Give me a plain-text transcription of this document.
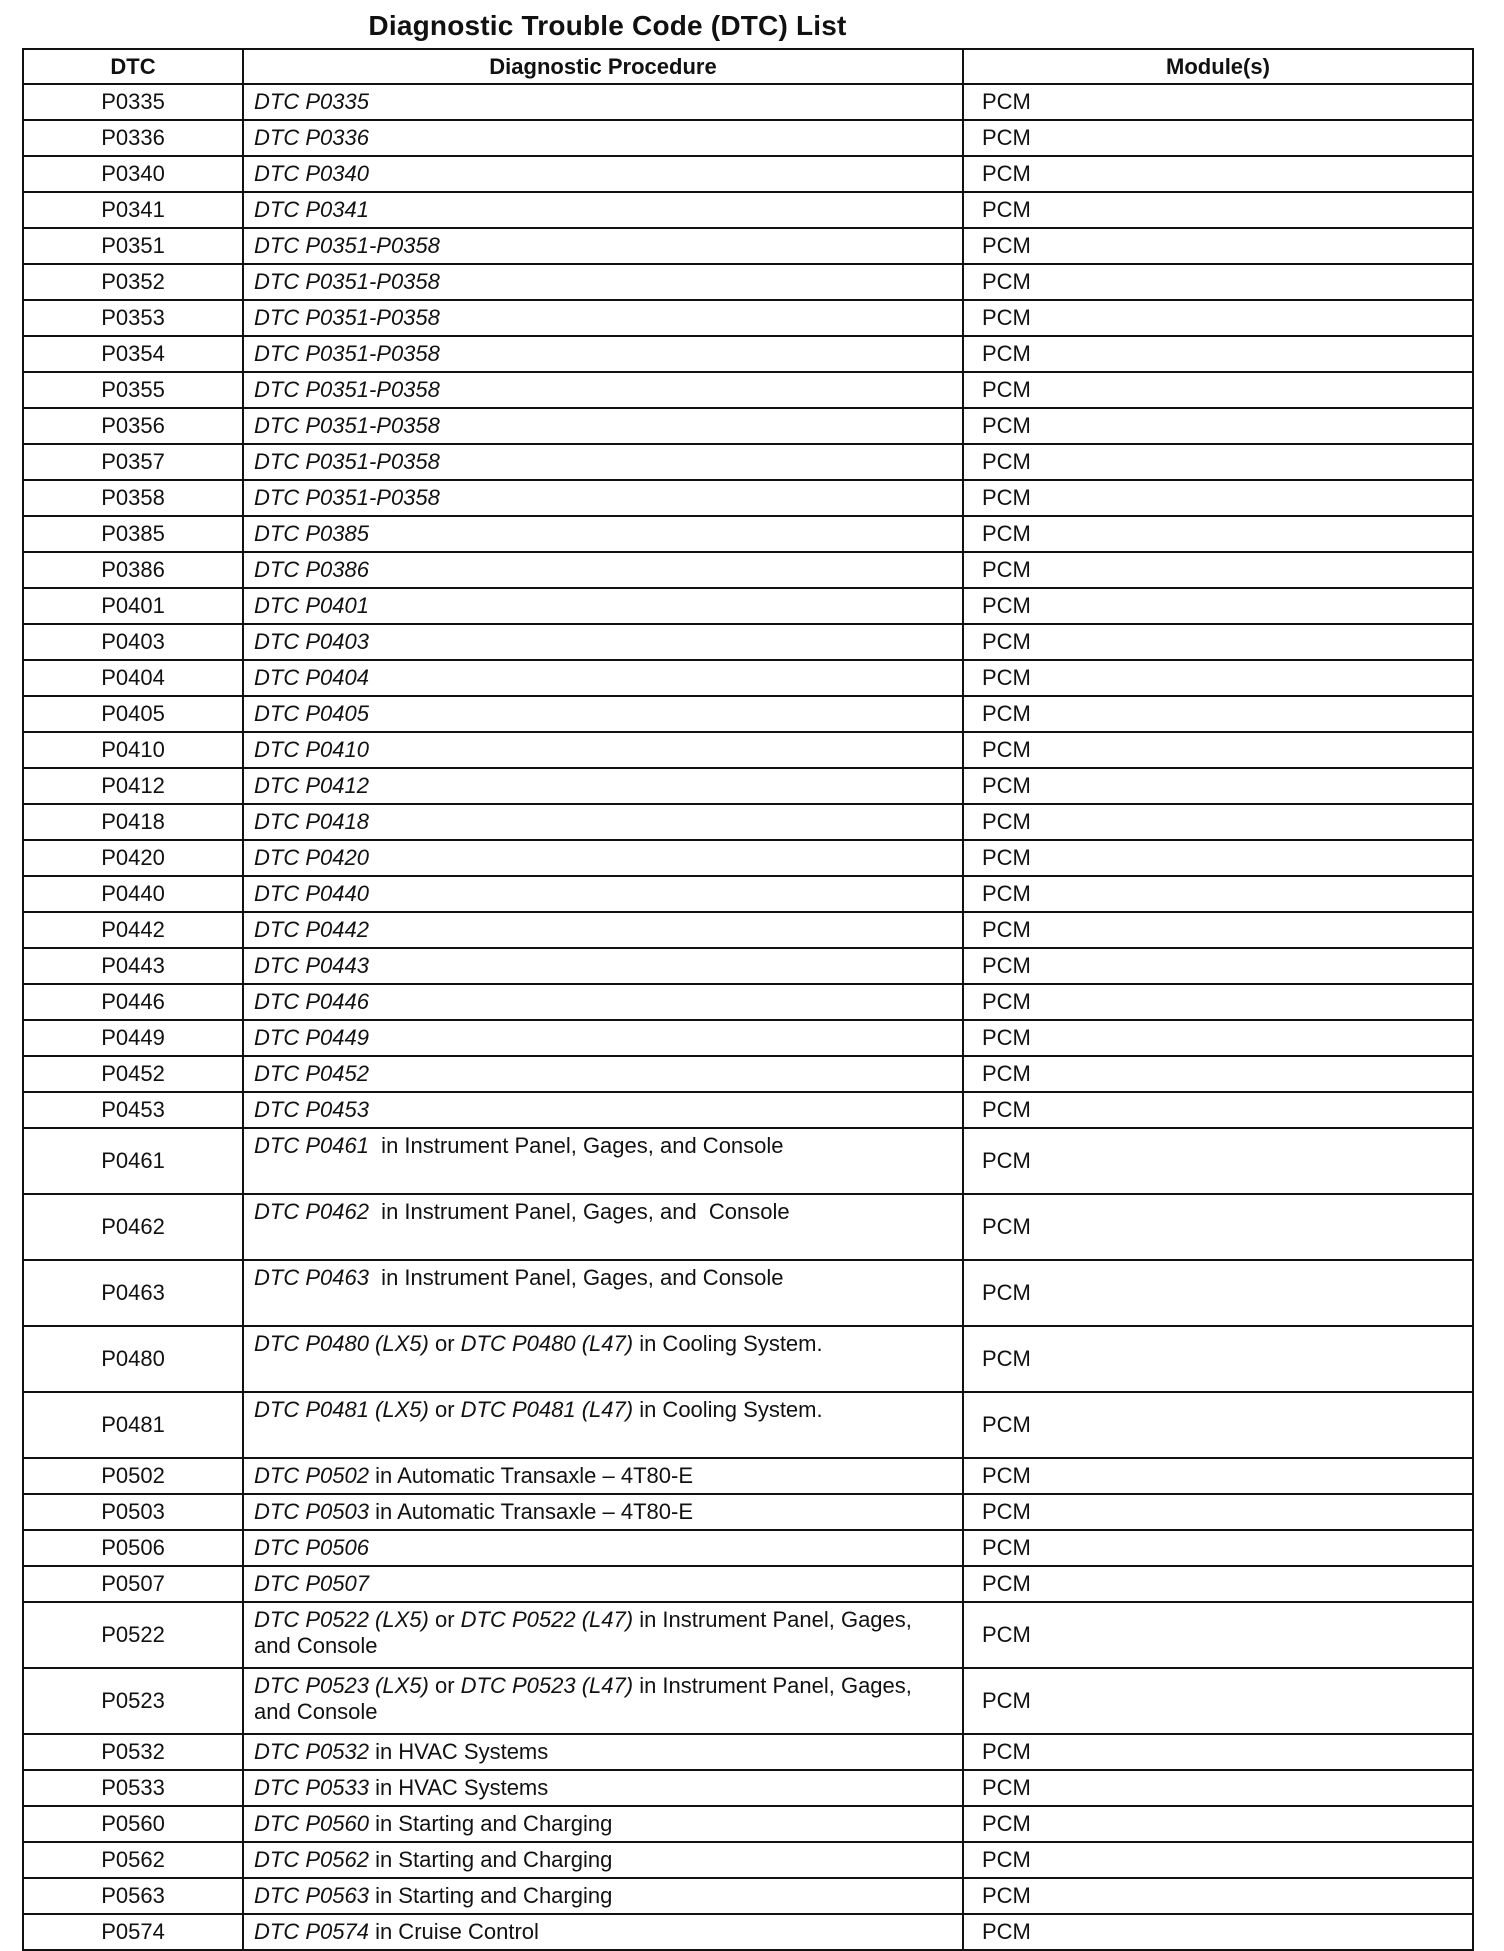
Diagnostic Trouble Code (DTC) List
DTC	Diagnostic Procedure	Module(s)
P0335	DTC P0335	PCM
P0336	DTC P0336	PCM
P0340	DTC P0340	PCM
P0341	DTC P0341	PCM
P0351	DTC P0351-P0358	PCM
P0352	DTC P0351-P0358	PCM
P0353	DTC P0351-P0358	PCM
P0354	DTC P0351-P0358	PCM
P0355	DTC P0351-P0358	PCM
P0356	DTC P0351-P0358	PCM
P0357	DTC P0351-P0358	PCM
P0358	DTC P0351-P0358	PCM
P0385	DTC P0385	PCM
P0386	DTC P0386	PCM
P0401	DTC P0401	PCM
P0403	DTC P0403	PCM
P0404	DTC P0404	PCM
P0405	DTC P0405	PCM
P0410	DTC P0410	PCM
P0412	DTC P0412	PCM
P0418	DTC P0418	PCM
P0420	DTC P0420	PCM
P0440	DTC P0440	PCM
P0442	DTC P0442	PCM
P0443	DTC P0443	PCM
P0446	DTC P0446	PCM
P0449	DTC P0449	PCM
P0452	DTC P0452	PCM
P0453	DTC P0453	PCM
P0461	DTC P0461  in Instrument Panel, Gages, and Console	PCM
P0462	DTC P0462  in Instrument Panel, Gages, and  Console	PCM
P0463	DTC P0463  in Instrument Panel, Gages, and Console	PCM
P0480	DTC P0480 (LX5) or DTC P0480 (L47) in Cooling System.	PCM
P0481	DTC P0481 (LX5) or DTC P0481 (L47) in Cooling System.	PCM
P0502	DTC P0502 in Automatic Transaxle – 4T80-E	PCM
P0503	DTC P0503 in Automatic Transaxle – 4T80-E	PCM
P0506	DTC P0506	PCM
P0507	DTC P0507	PCM
P0522	DTC P0522 (LX5) or DTC P0522 (L47) in Instrument Panel, Gages, and Console	PCM
P0523	DTC P0523 (LX5) or DTC P0523 (L47) in Instrument Panel, Gages, and Console	PCM
P0532	DTC P0532 in HVAC Systems	PCM
P0533	DTC P0533 in HVAC Systems	PCM
P0560	DTC P0560 in Starting and Charging	PCM
P0562	DTC P0562 in Starting and Charging	PCM
P0563	DTC P0563 in Starting and Charging	PCM
P0574	DTC P0574 in Cruise Control	PCM
